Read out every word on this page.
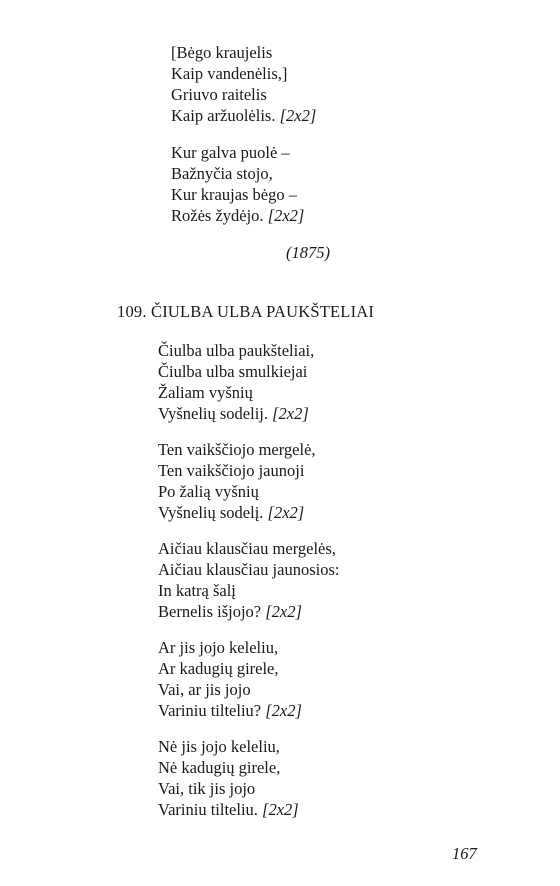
[Bėgo kraujelis
Kaip vandenėlis,]
Griuvo raitelis
Kaip aržuolėlis. [2x2]
Kur galva puolė –
Bažnyčia stojo,
Kur kraujas bėgo –
Rožės žydėjo. [2x2]
(1875)
109. ČIULBA ULBA PAUKŠTELIAI
Čiulba ulba paukšteliai,
Čiulba ulba smulkiejai
Žaliam vyšnių
Vyšnelių sodelij. [2x2]
Ten vaikščiojo mergelė,
Ten vaikščiojo jaunoji
Po žalią vyšnių
Vyšnelių sodelį. [2x2]
Aičiau klausčiau mergelės,
Aičiau klausčiau jaunosios:
In katrą šalį
Bernelis išjojo? [2x2]
Ar jis jojo keleliu,
Ar kadugių girele,
Vai, ar jis jojo
Variniu tilteliu? [2x2]
Nė jis jojo keleliu,
Nė kadugių girele,
Vai, tik jis jojo
Variniu tilteliu. [2x2]
167
